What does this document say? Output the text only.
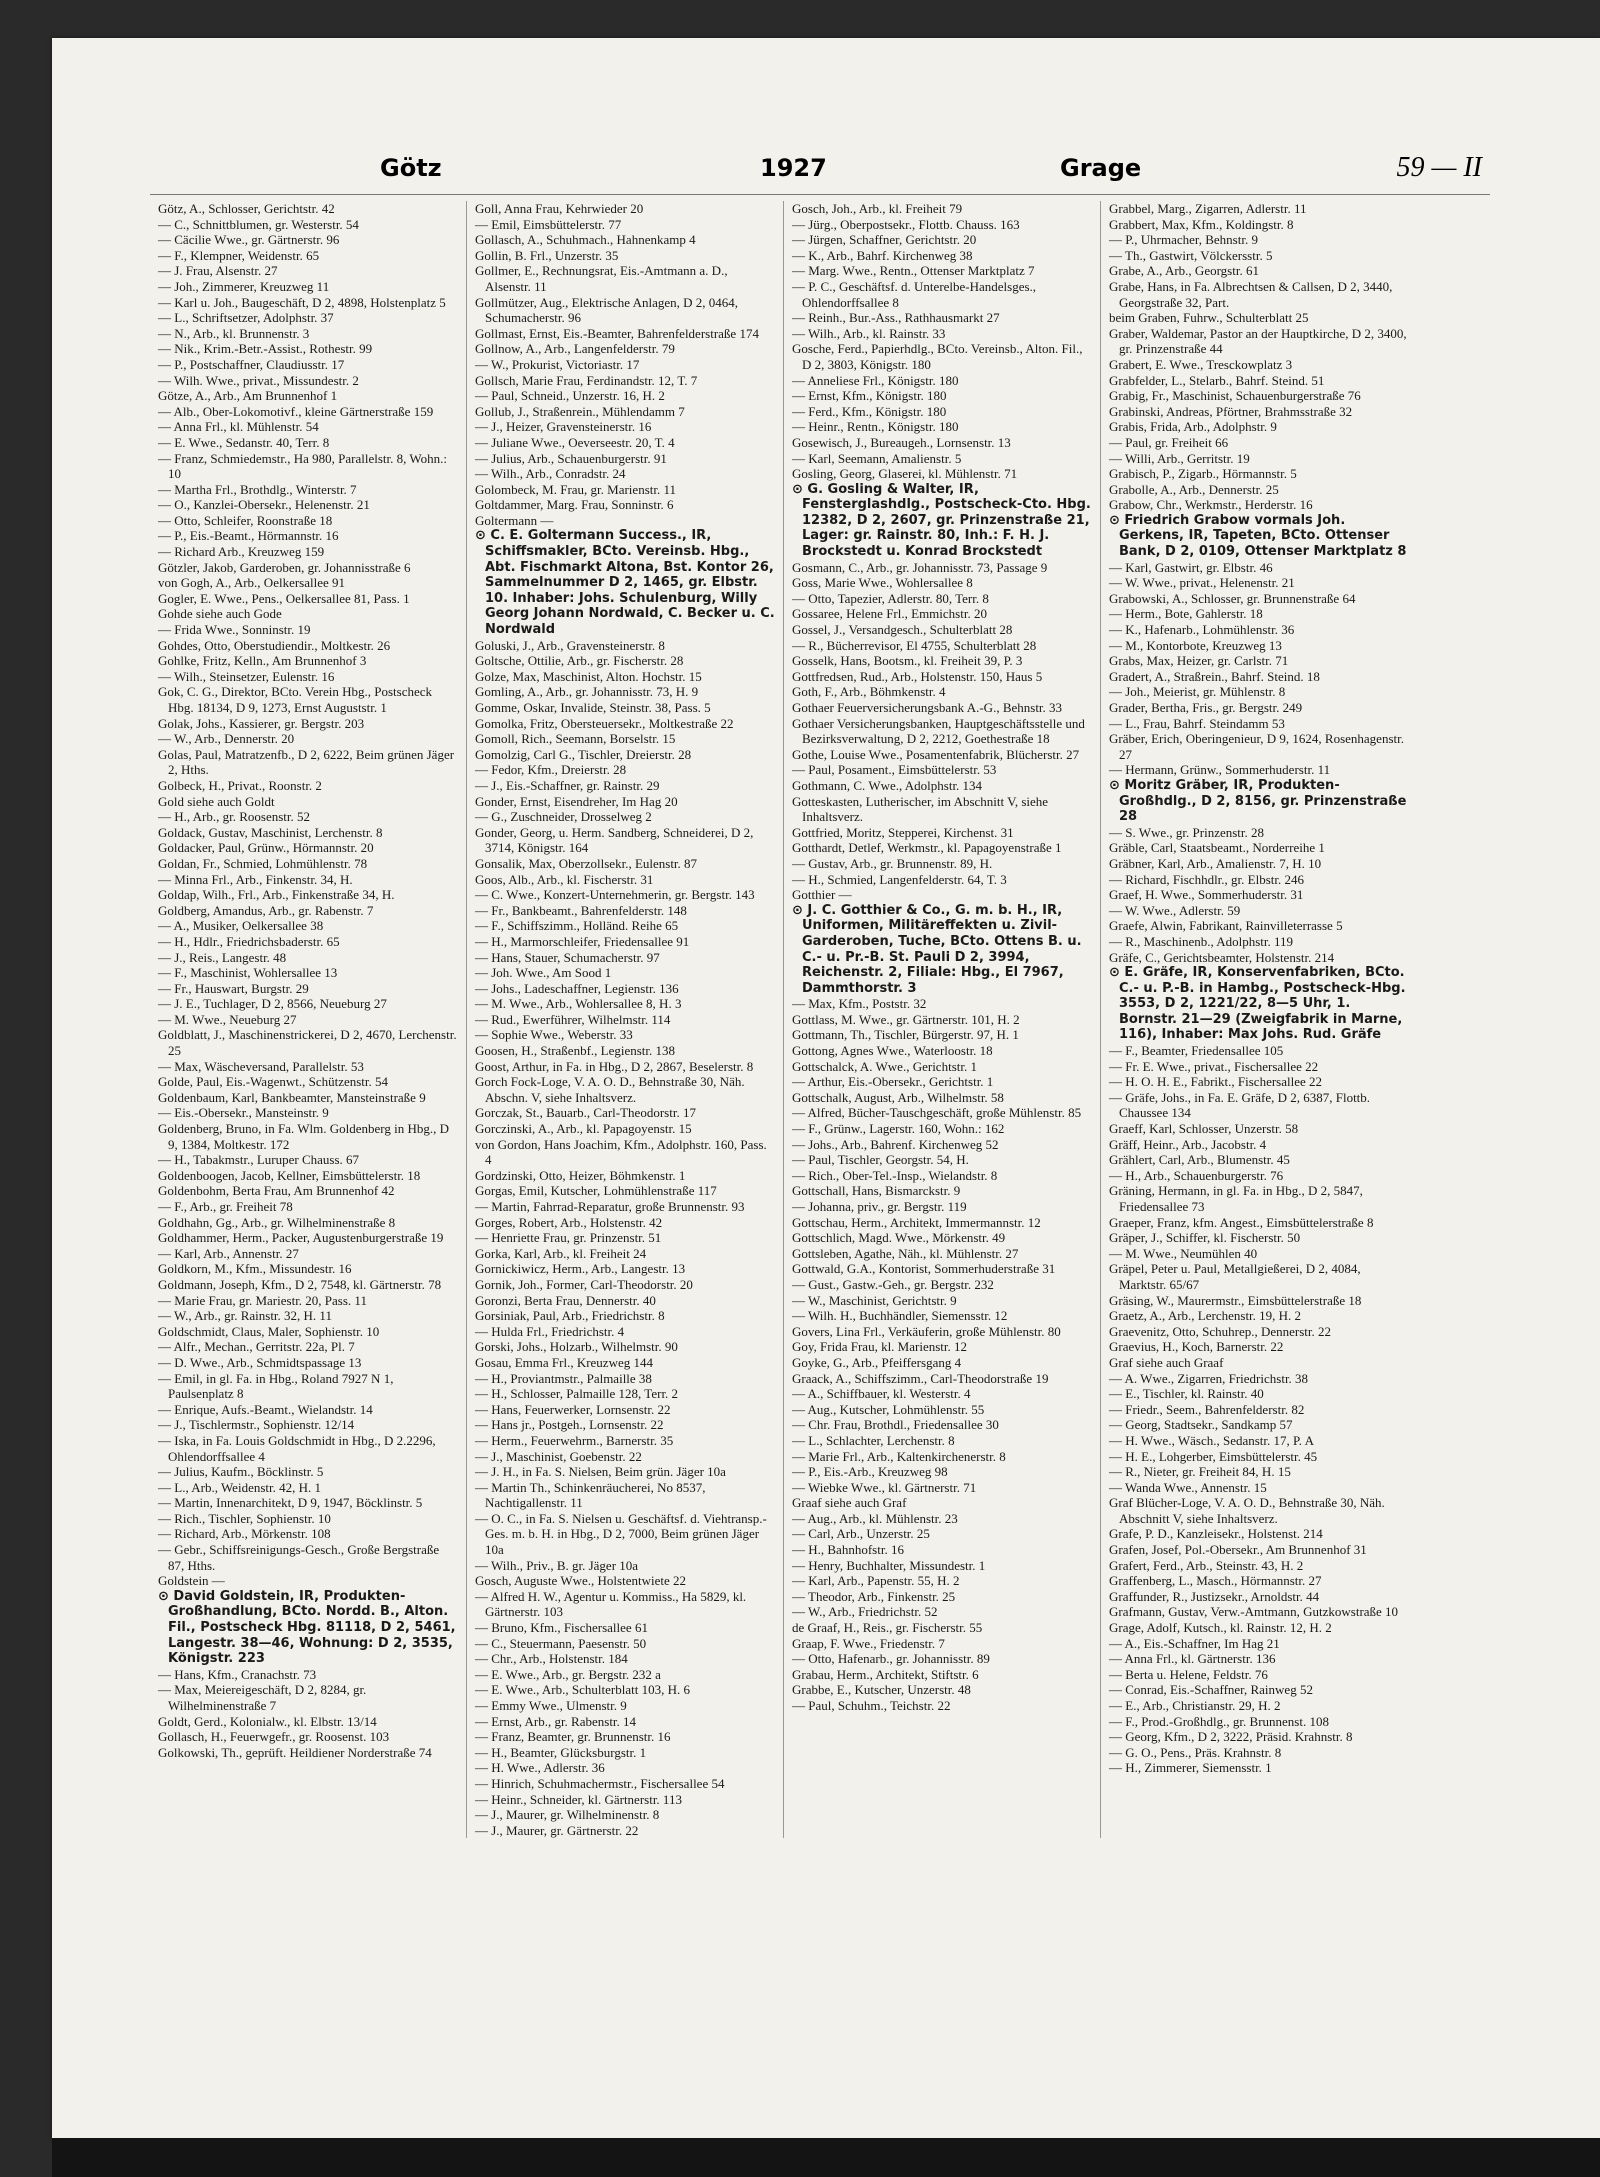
Götz	1927	Grage	59 — II
Götz, A., Schlosser, Gerichtstr. 42
— C., Schnittblumen, gr. Westerstr. 54
— Cäcilie Wwe., gr. Gärtnerstr. 96
— F., Klempner, Weidenstr. 65
— J. Frau, Alsenstr. 27
— Joh., Zimmerer, Kreuzweg 11
— Karl u. Joh., Baugeschäft, D 2, 4898, Holstenplatz 5
— L., Schriftsetzer, Adolphstr. 37
— N., Arb., kl. Brunnenstr. 3
— Nik., Krim.-Betr.-Assist., Rothestr. 99
— P., Postschaffner, Claudiusstr. 17
— Wilh. Wwe., privat., Missundestr. 2
Götze, A., Arb., Am Brunnenhof 1
— Alb., Ober-Lokomotivf., kleine Gärtnerstraße 159
— Anna Frl., kl. Mühlenstr. 54
— E. Wwe., Sedanstr. 40, Terr. 8
— Franz, Schmiedemstr., Ha 980, Parallelstr. 8, Wohn.: 10
— Martha Frl., Brothdlg., Winterstr. 7
— O., Kanzlei-Obersekr., Helenenstr. 21
— Otto, Schleifer, Roonstraße 18
— P., Eis.-Beamt., Hörmannstr. 16
— Richard Arb., Kreuzweg 159
Götzler, Jakob, Garderoben, gr. Johannisstraße 6
von Gogh, A., Arb., Oelkersallee 91
Gogler, E. Wwe., Pens., Oelkersallee 81, Pass. 1
Gohde siehe auch Gode
— Frida Wwe., Sonninstr. 19
Gohdes, Otto, Oberstudiendir., Moltkestr. 26
Gohlke, Fritz, Kelln., Am Brunnenhof 3
— Wilh., Steinsetzer, Eulenstr. 16
Gok, C. G., Direktor, BCto. Verein Hbg., Postscheck Hbg. 18134, D 9, 1273, Ernst Auguststr. 1
Golak, Johs., Kassierer, gr. Bergstr. 203
— W., Arb., Dennerstr. 20
Golas, Paul, Matratzenfb., D 2, 6222, Beim grünen Jäger 2, Hths.
Golbeck, H., Privat., Roonstr. 2
Gold siehe auch Goldt
— H., Arb., gr. Roosenstr. 52
Goldack, Gustav, Maschinist, Lerchenstr. 8
Goldacker, Paul, Grünw., Hörmannstr. 20
Goldan, Fr., Schmied, Lohmühlenstr. 78
— Minna Frl., Arb., Finkenstr. 34, H.
Goldap, Wilh., Frl., Arb., Finkenstraße 34, H.
Goldberg, Amandus, Arb., gr. Rabenstr. 7
— A., Musiker, Oelkersallee 38
— H., Hdlr., Friedrichsbaderstr. 65
— J., Reis., Langestr. 48
— F., Maschinist, Wohlersallee 13
— Fr., Hauswart, Burgstr. 29
— J. E., Tuchlager, D 2, 8566, Neueburg 27
— M. Wwe., Neueburg 27
Goldblatt, J., Maschinenstrickerei, D 2, 4670, Lerchenstr. 25
— Max, Wäscheversand, Parallelstr. 53
Golde, Paul, Eis.-Wagenwt., Schützenstr. 54
Goldenbaum, Karl, Bankbeamter, Mansteinstraße 9
— Eis.-Obersekr., Mansteinstr. 9
Goldenberg, Bruno, in Fa. Wlm. Goldenberg in Hbg., D 9, 1384, Moltkestr. 172
— H., Tabakmstr., Luruper Chauss. 67
Goldenboogen, Jacob, Kellner, Eimsbüttelerstr. 18
Goldenbohm, Berta Frau, Am Brunnenhof 42
— F., Arb., gr. Freiheit 78
Goldhahn, Gg., Arb., gr. Wilhelminenstraße 8
Goldhammer, Herm., Packer, Augustenburgerstraße 19
— Karl, Arb., Annenstr. 27
Goldkorn, M., Kfm., Missundestr. 16
Goldmann, Joseph, Kfm., D 2, 7548, kl. Gärtnerstr. 78
— Marie Frau, gr. Mariestr. 20, Pass. 11
— W., Arb., gr. Rainstr. 32, H. 11
Goldschmidt, Claus, Maler, Sophienstr. 10
— Alfr., Mechan., Gerritstr. 22a, Pl. 7
— D. Wwe., Arb., Schmidtspassage 13
— Emil, in gl. Fa. in Hbg., Roland 7927 N 1, Paulsenplatz 8
— Enrique, Aufs.-Beamt., Wielandstr. 14
— J., Tischlermstr., Sophienstr. 12/14
— Iska, in Fa. Louis Goldschmidt in Hbg., D 2.2296, Ohlendorffsallee 4
— Julius, Kaufm., Böcklinstr. 5
— L., Arb., Weidenstr. 42, H. 1
— Martin, Innenarchitekt, D 9, 1947, Böcklinstr. 5
— Rich., Tischler, Sophienstr. 10
— Richard, Arb., Mörkenstr. 108
— Gebr., Schiffsreinigungs-Gesch., Große Bergstraße 87, Hths.
Goldstein —
⊙ David Goldstein, IR, Produkten-Großhandlung, BCto. Nordd. B., Alton. Fil., Postscheck Hbg. 81118, D 2, 5461, Langestr. 38—46, Wohnung: D 2, 3535, Königstr. 223
— Hans, Kfm., Cranachstr. 73
— Max, Meiereigeschäft, D 2, 8284, gr. Wilhelminenstraße 7
Goldt, Gerd., Kolonialw., kl. Elbstr. 13/14
Gollasch, H., Feuerwgefr., gr. Roosenst. 103
Golkowski, Th., geprüft. Heildiener Norderstraße 74
Goll, Anna Frau, Kehrwieder 20
— Emil, Eimsbüttelerstr. 77
Gollasch, A., Schuhmach., Hahnenkamp 4
Gollin, B. Frl., Unzerstr. 35
Gollmer, E., Rechnungsrat, Eis.-Amtmann a. D., Alsenstr. 11
Gollmützer, Aug., Elektrische Anlagen, D 2, 0464, Schumacherstr. 96
Gollmast, Ernst, Eis.-Beamter, Bahrenfelderstraße 174
Gollnow, A., Arb., Langenfelderstr. 79
— W., Prokurist, Victoriastr. 17
Gollsch, Marie Frau, Ferdinandstr. 12, T. 7
— Paul, Schneid., Unzerstr. 16, H. 2
Gollub, J., Straßenrein., Mühlendamm 7
— J., Heizer, Gravensteinerstr. 16
— Juliane Wwe., Oeverseestr. 20, T. 4
— Julius, Arb., Schauenburgerstr. 91
— Wilh., Arb., Conradstr. 24
Golombeck, M. Frau, gr. Marienstr. 11
Goltdammer, Marg. Frau, Sonninstr. 6
Goltermann —
⊙ C. E. Goltermann Success., IR, Schiffsmakler, BCto. Vereinsb. Hbg., Abt. Fischmarkt Altona, Bst. Kontor 26, Sammelnummer D 2, 1465, gr. Elbstr. 10. Inhaber: Johs. Schulenburg, Willy Georg Johann Nordwald, C. Becker u. C. Nordwald
Goluski, J., Arb., Gravensteinerstr. 8
Goltsche, Ottilie, Arb., gr. Fischerstr. 28
Golze, Max, Maschinist, Alton. Hochstr. 15
Gomling, A., Arb., gr. Johannisstr. 73, H. 9
Gomme, Oskar, Invalide, Steinstr. 38, Pass. 5
Gomolka, Fritz, Obersteuersekr., Moltkestraße 22
Gomoll, Rich., Seemann, Borselstr. 15
Gomolzig, Carl G., Tischler, Dreierstr. 28
— Fedor, Kfm., Dreierstr. 28
— J., Eis.-Schaffner, gr. Rainstr. 29
Gonder, Ernst, Eisendreher, Im Hag 20
— G., Zuschneider, Drosselweg 2
Gonder, Georg, u. Herm. Sandberg, Schneiderei, D 2, 3714, Königstr. 164
Gonsalik, Max, Oberzollsekr., Eulenstr. 87
Goos, Alb., Arb., kl. Fischerstr. 31
— C. Wwe., Konzert-Unternehmerin, gr. Bergstr. 143
— Fr., Bankbeamt., Bahrenfelderstr. 148
— F., Schiffszimm., Holländ. Reihe 65
— H., Marmorschleifer, Friedensallee 91
— Hans, Stauer, Schumacherstr. 97
— Joh. Wwe., Am Sood 1
— Johs., Ladeschaffner, Legienstr. 136
— M. Wwe., Arb., Wohlersallee 8, H. 3
— Rud., Ewerführer, Wilhelmstr. 114
— Sophie Wwe., Weberstr. 33
Goosen, H., Straßenbf., Legienstr. 138
Goost, Arthur, in Fa. in Hbg., D 2, 2867, Beselerstr. 8
Gorch Fock-Loge, V. A. O. D., Behnstraße 30, Näh. Abschn. V, siehe Inhaltsverz.
Gorczak, St., Bauarb., Carl-Theodorstr. 17
Gorczinski, A., Arb., kl. Papagoyenstr. 15
von Gordon, Hans Joachim, Kfm., Adolphstr. 160, Pass. 4
Gordzinski, Otto, Heizer, Böhmkenstr. 1
Gorgas, Emil, Kutscher, Lohmühlenstraße 117
— Martin, Fahrrad-Reparatur, große Brunnenstr. 93
Gorges, Robert, Arb., Holstenstr. 42
— Henriette Frau, gr. Prinzenstr. 51
Gorka, Karl, Arb., kl. Freiheit 24
Gornickiwicz, Herm., Arb., Langestr. 13
Gornik, Joh., Former, Carl-Theodorstr. 20
Goronzi, Berta Frau, Dennerstr. 40
Gorsiniak, Paul, Arb., Friedrichstr. 8
— Hulda Frl., Friedrichstr. 4
Gorski, Johs., Holzarb., Wilhelmstr. 90
Gosau, Emma Frl., Kreuzweg 144
— H., Proviantmstr., Palmaille 38
— H., Schlosser, Palmaille 128, Terr. 2
— Hans, Feuerwerker, Lornsenstr. 22
— Hans jr., Postgeh., Lornsenstr. 22
— Herm., Feuerwehrm., Barnerstr. 35
— J., Maschinist, Goebenstr. 22
— J. H., in Fa. S. Nielsen, Beim grün. Jäger 10a
— Martin Th., Schinkenräucherei, No 8537, Nachtigallenstr. 11
— O. C., in Fa. S. Nielsen u. Geschäftsf. d. Viehtransp.-Ges. m. b. H. in Hbg., D 2, 7000, Beim grünen Jäger 10a
— Wilh., Priv., B. gr. Jäger 10a
Gosch, Auguste Wwe., Holstentwiete 22
— Alfred H. W., Agentur u. Kommiss., Ha 5829, kl. Gärtnerstr. 103
— Bruno, Kfm., Fischersallee 61
— C., Steuermann, Paesenstr. 50
— Chr., Arb., Holstenstr. 184
— E. Wwe., Arb., gr. Bergstr. 232 a
— E. Wwe., Arb., Schulterblatt 103, H. 6
— Emmy Wwe., Ulmenstr. 9
— Ernst, Arb., gr. Rabenstr. 14
— Franz, Beamter, gr. Brunnenstr. 16
— H., Beamter, Glücksburgstr. 1
— H. Wwe., Adlerstr. 36
— Hinrich, Schuhmachermstr., Fischersallee 54
— Heinr., Schneider, kl. Gärtnerstr. 113
— J., Maurer, gr. Wilhelminenstr. 8
— J., Maurer, gr. Gärtnerstr. 22
Gosch, Joh., Arb., kl. Freiheit 79
— Jürg., Oberpostsekr., Flottb. Chauss. 163
— Jürgen, Schaffner, Gerichtstr. 20
— K., Arb., Bahrf. Kirchenweg 38
— Marg. Wwe., Rentn., Ottenser Marktplatz 7
— P. C., Geschäftsf. d. Unterelbe-Handelsges., Ohlendorffsallee 8
— Reinh., Bur.-Ass., Rathhausmarkt 27
— Wilh., Arb., kl. Rainstr. 33
Gosche, Ferd., Papierhdlg., BCto. Vereinsb., Alton. Fil., D 2, 3803, Königstr. 180
— Anneliese Frl., Königstr. 180
— Ernst, Kfm., Königstr. 180
— Ferd., Kfm., Königstr. 180
— Heinr., Rentn., Königstr. 180
Gosewisch, J., Bureaugeh., Lornsenstr. 13
— Karl, Seemann, Amalienstr. 5
Gosling, Georg, Glaserei, kl. Mühlenstr. 71
⊙ G. Gosling & Walter, IR, Fensterglashdlg., Postscheck-Cto. Hbg. 12382, D 2, 2607, gr. Prinzenstraße 21, Lager: gr. Rainstr. 80, Inh.: F. H. J. Brockstedt u. Konrad Brockstedt
Gosmann, C., Arb., gr. Johannisstr. 73, Passage 9
Goss, Marie Wwe., Wohlersallee 8
— Otto, Tapezier, Adlerstr. 80, Terr. 8
Gossaree, Helene Frl., Emmichstr. 20
Gossel, J., Versandgesch., Schulterblatt 28
— R., Bücherrevisor, El 4755, Schulterblatt 28
Gosselk, Hans, Bootsm., kl. Freiheit 39, P. 3
Gottfredsen, Rud., Arb., Holstenstr. 150, Haus 5
Goth, F., Arb., Böhmkenstr. 4
Gothaer Feuerversicherungsbank A.-G., Behnstr. 33
Gothaer Versicherungsbanken, Hauptgeschäftsstelle und Bezirksverwaltung, D 2, 2212, Goethestraße 18
Gothe, Louise Wwe., Posamentenfabrik, Blücherstr. 27
— Paul, Posament., Eimsbüttelerstr. 53
Gothmann, C. Wwe., Adolphstr. 134
Gotteskasten, Lutherischer, im Abschnitt V, siehe Inhaltsverz.
Gottfried, Moritz, Stepperei, Kirchenst. 31
Gotthardt, Detlef, Werkmstr., kl. Papagoyenstraße 1
— Gustav, Arb., gr. Brunnenstr. 89, H.
— H., Schmied, Langenfelderstr. 64, T. 3
Gotthier —
⊙ J. C. Gotthier & Co., G. m. b. H., IR, Uniformen, Militäreffekten u. Zivil-Garderoben, Tuche, BCto. Ottens B. u. C.- u. Pr.-B. St. Pauli D 2, 3994, Reichenstr. 2, Filiale: Hbg., El 7967, Dammthorstr. 3
— Max, Kfm., Poststr. 32
Gottlass, M. Wwe., gr. Gärtnerstr. 101, H. 2
Gottmann, Th., Tischler, Bürgerstr. 97, H. 1
Gottong, Agnes Wwe., Waterloostr. 18
Gottschalck, A. Wwe., Gerichtstr. 1
— Arthur, Eis.-Obersekr., Gerichtstr. 1
Gottschalk, August, Arb., Wilhelmstr. 58
— Alfred, Bücher-Tauschgeschäft, große Mühlenstr. 85
— F., Grünw., Lagerstr. 160, Wohn.: 162
— Johs., Arb., Bahrenf. Kirchenweg 52
— Paul, Tischler, Georgstr. 54, H.
— Rich., Ober-Tel.-Insp., Wielandstr. 8
Gottschall, Hans, Bismarckstr. 9
— Johanna, priv., gr. Bergstr. 119
Gottschau, Herm., Architekt, Immermannstr. 12
Gottschlich, Magd. Wwe., Mörkenstr. 49
Gottsleben, Agathe, Näh., kl. Mühlenstr. 27
Gottwald, G.A., Kontorist, Sommerhuderstraße 31
— Gust., Gastw.-Geh., gr. Bergstr. 232
— W., Maschinist, Gerichtstr. 9
— Wilh. H., Buchhändler, Siemensstr. 12
Govers, Lina Frl., Verkäuferin, große Mühlenstr. 80
Goy, Frida Frau, kl. Marienstr. 12
Goyke, G., Arb., Pfeiffersgang 4
Graack, A., Schiffszimm., Carl-Theodorstraße 19
— A., Schiffbauer, kl. Westerstr. 4
— Aug., Kutscher, Lohmühlenstr. 55
— Chr. Frau, Brothdl., Friedensallee 30
— L., Schlachter, Lerchenstr. 8
— Marie Frl., Arb., Kaltenkirchenerstr. 8
— P., Eis.-Arb., Kreuzweg 98
— Wiebke Wwe., kl. Gärtnerstr. 71
Graaf siehe auch Graf
— Aug., Arb., kl. Mühlenstr. 23
— Carl, Arb., Unzerstr. 25
— H., Bahnhofstr. 16
— Henry, Buchhalter, Missundestr. 1
— Karl, Arb., Papenstr. 55, H. 2
— Theodor, Arb., Finkenstr. 25
— W., Arb., Friedrichstr. 52
de Graaf, H., Reis., gr. Fischerstr. 55
Graap, F. Wwe., Friedenstr. 7
— Otto, Hafenarb., gr. Johannisstr. 89
Grabau, Herm., Architekt, Stiftstr. 6
Grabbe, E., Kutscher, Unzerstr. 48
— Paul, Schuhm., Teichstr. 22
Grabbel, Marg., Zigarren, Adlerstr. 11
Grabbert, Max, Kfm., Koldingstr. 8
— P., Uhrmacher, Behnstr. 9
— Th., Gastwirt, Völckersstr. 5
Grabe, A., Arb., Georgstr. 61
Grabe, Hans, in Fa. Albrechtsen & Callsen, D 2, 3440, Georgstraße 32, Part.
beim Graben, Fuhrw., Schulterblatt 25
Graber, Waldemar, Pastor an der Hauptkirche, D 2, 3400, gr. Prinzenstraße 44
Grabert, E. Wwe., Tresckowplatz 3
Grabfelder, L., Stelarb., Bahrf. Steind. 51
Grabig, Fr., Maschinist, Schauenburgerstraße 76
Grabinski, Andreas, Pförtner, Brahmsstraße 32
Grabis, Frida, Arb., Adolphstr. 9
— Paul, gr. Freiheit 66
— Willi, Arb., Gerritstr. 19
Grabisch, P., Zigarb., Hörmannstr. 5
Grabolle, A., Arb., Dennerstr. 25
Grabow, Chr., Werkmstr., Herderstr. 16
⊙ Friedrich Grabow vormals Joh. Gerkens, IR, Tapeten, BCto. Ottenser Bank, D 2, 0109, Ottenser Marktplatz 8
— Karl, Gastwirt, gr. Elbstr. 46
— W. Wwe., privat., Helenenstr. 21
Grabowski, A., Schlosser, gr. Brunnenstraße 64
— Herm., Bote, Gahlerstr. 18
— K., Hafenarb., Lohmühlenstr. 36
— M., Kontorbote, Kreuzweg 13
Grabs, Max, Heizer, gr. Carlstr. 71
Gradert, A., Straßrein., Bahrf. Steind. 18
— Joh., Meierist, gr. Mühlenstr. 8
Grader, Bertha, Fris., gr. Bergstr. 249
— L., Frau, Bahrf. Steindamm 53
Gräber, Erich, Oberingenieur, D 9, 1624, Rosenhagenstr. 27
— Hermann, Grünw., Sommerhuderstr. 11
⊙ Moritz Gräber, IR, Produkten-Großhdlg., D 2, 8156, gr. Prinzenstraße 28
— S. Wwe., gr. Prinzenstr. 28
Gräble, Carl, Staatsbeamt., Norderreihe 1
Gräbner, Karl, Arb., Amalienstr. 7, H. 10
— Richard, Fischhdlr., gr. Elbstr. 246
Graef, H. Wwe., Sommerhuderstr. 31
— W. Wwe., Adlerstr. 59
Graefe, Alwin, Fabrikant, Rainvilleterrasse 5
— R., Maschinenb., Adolphstr. 119
Gräfe, C., Gerichtsbeamter, Holstenstr. 214
⊙ E. Gräfe, IR, Konservenfabriken, BCto. C.- u. P.-B. in Hambg., Postscheck-Hbg. 3553, D 2, 1221/22, 8—5 Uhr, 1. Bornstr. 21—29 (Zweigfabrik in Marne, 116), Inhaber: Max Johs. Rud. Gräfe
— F., Beamter, Friedensallee 105
— Fr. E. Wwe., privat., Fischersallee 22
— H. O. H. E., Fabrikt., Fischersallee 22
— Gräfe, Johs., in Fa. E. Gräfe, D 2, 6387, Flottb. Chaussee 134
Graeff, Karl, Schlosser, Unzerstr. 58
Gräff, Heinr., Arb., Jacobstr. 4
Grählert, Carl, Arb., Blumenstr. 45
— H., Arb., Schauenburgerstr. 76
Gräning, Hermann, in gl. Fa. in Hbg., D 2, 5847, Friedensallee 73
Graeper, Franz, kfm. Angest., Eimsbüttelerstraße 8
Gräper, J., Schiffer, kl. Fischerstr. 50
— M. Wwe., Neumühlen 40
Gräpel, Peter u. Paul, Metallgießerei, D 2, 4084, Marktstr. 65/67
Gräsing, W., Maurermstr., Eimsbüttelerstraße 18
Graetz, A., Arb., Lerchenstr. 19, H. 2
Graevenitz, Otto, Schuhrep., Dennerstr. 22
Graevius, H., Koch, Barnerstr. 22
Graf siehe auch Graaf
— A. Wwe., Zigarren, Friedrichstr. 38
— E., Tischler, kl. Rainstr. 40
— Friedr., Seem., Bahrenfelderstr. 82
— Georg, Stadtsekr., Sandkamp 57
— H. Wwe., Wäsch., Sedanstr. 17, P. A
— H. E., Lohgerber, Eimsbüttelerstr. 45
— R., Nieter, gr. Freiheit 84, H. 15
— Wanda Wwe., Annenstr. 15
Graf Blücher-Loge, V. A. O. D., Behnstraße 30, Näh. Abschnitt V, siehe Inhaltsverz.
Grafe, P. D., Kanzleisekr., Holstenst. 214
Grafen, Josef, Pol.-Obersekr., Am Brunnenhof 31
Grafert, Ferd., Arb., Steinstr. 43, H. 2
Graffenberg, L., Masch., Hörmannstr. 27
Graffunder, R., Justizsekr., Arnoldstr. 44
Grafmann, Gustav, Verw.-Amtmann, Gutzkowstraße 10
Grage, Adolf, Kutsch., kl. Rainstr. 12, H. 2
— A., Eis.-Schaffner, Im Hag 21
— Anna Frl., kl. Gärtnerstr. 136
— Berta u. Helene, Feldstr. 76
— Conrad, Eis.-Schaffner, Rainweg 52
— E., Arb., Christianstr. 29, H. 2
— F., Prod.-Großhdlg., gr. Brunnenst. 108
— Georg, Kfm., D 2, 3222, Präsid. Krahnstr. 8
— G. O., Pens., Präs. Krahnstr. 8
— H., Zimmerer, Siemensstr. 1
